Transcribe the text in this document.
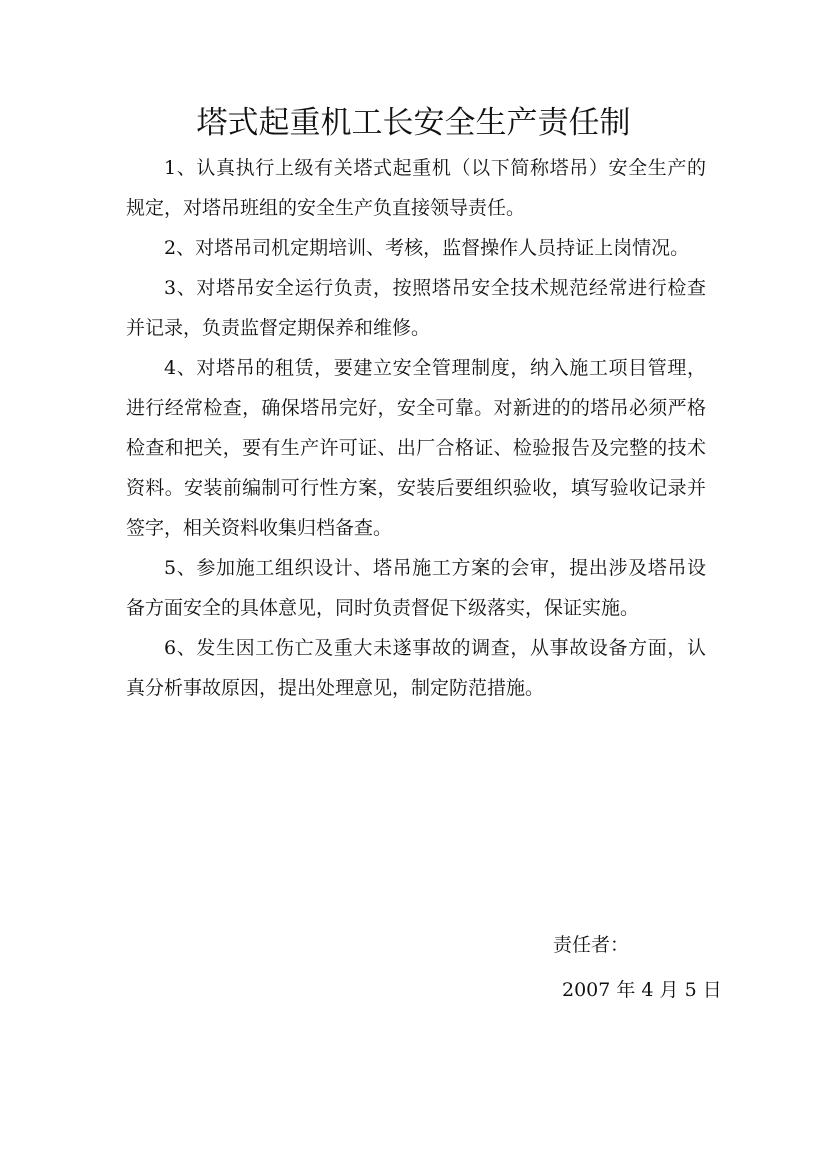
塔式起重机工长安全生产责任制

1、认真执行上级有关塔式起重机（以下简称塔吊）安全生产的规定，对塔吊班组的安全生产负直接领导责任。

2、对塔吊司机定期培训、考核，监督操作人员持证上岗情况。

3、对塔吊安全运行负责，按照塔吊安全技术规范经常进行检查并记录，负责监督定期保养和维修。

4、对塔吊的租赁，要建立安全管理制度，纳入施工项目管理，进行经常检查，确保塔吊完好，安全可靠。对新进的的塔吊必须严格检查和把关，要有生产许可证、出厂合格证、检验报告及完整的技术资料。安装前编制可行性方案，安装后要组织验收，填写验收记录并签字，相关资料收集归档备查。

5、参加施工组织设计、塔吊施工方案的会审，提出涉及塔吊设备方面安全的具体意见，同时负责督促下级落实，保证实施。

6、发生因工伤亡及重大未遂事故的调查，从事故设备方面，认真分析事故原因，提出处理意见，制定防范措施。

责任者：
2007 年 4 月 5 日
